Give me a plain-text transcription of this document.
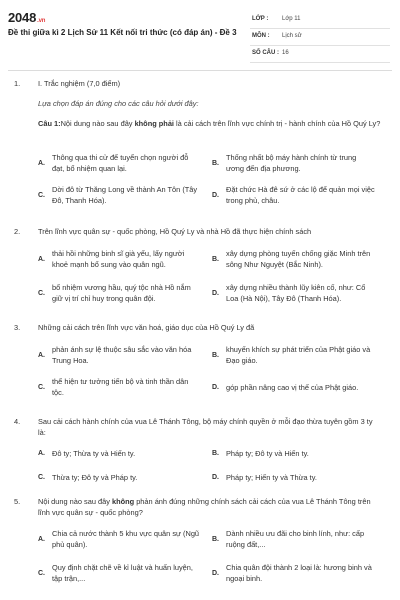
2048.vn
Đề thi giữa kì 2 Lịch Sử 11 Kết nối tri thức (có đáp án) - Đề 3
LỚP : Lớp 11
MÔN : Lịch sử
SỐ CÂU : 16
1.	I. Trắc nghiệm (7,0 điểm)
Lựa chọn đáp án đúng cho các câu hỏi dưới đây:
Câu 1:Nội dung nào sau đây không phải là cải cách trên lĩnh vực chính trị - hành chính của Hồ Quý Ly?
A.
Thông qua thi cử để tuyển chọn người đỗ đạt, bổ nhiệm quan lại.
B.
Thống nhất bộ máy hành chính từ trung ương đến địa phương.
C.
Dời đô từ Thăng Long về thành An Tôn (Tây Đô, Thanh Hóa).
D.
Đặt chức Hà đê sứ ở các lộ để quản mọi việc trong phủ, châu.
2.	Trên lĩnh vực quân sự - quốc phòng, Hồ Quý Ly và nhà Hồ đã thực hiện chính sách
A.
thải hồi những binh sĩ già yếu, lấy người khoẻ mạnh bổ sung vào quân ngũ.
B.
xây dựng phòng tuyến chống giặc Minh trên sông Như Nguyệt (Bắc Ninh).
C.
bổ nhiệm vương hầu, quý tộc nhà Hồ nắm giữ vị trí chỉ huy trong quân đội.
D.
xây dựng nhiều thành lũy kiên cố, như: Cổ Loa (Hà Nội), Tây Đô (Thanh Hóa).
3.	Những cải cách trên lĩnh vực văn hoá, giáo dục của Hồ Quý Ly đã
A.
phản ánh sự lệ thuộc sâu sắc vào văn hóa Trung Hoa.
B.
khuyến khích sự phát triển của Phật giáo và Đạo giáo.
C.
thể hiện tư tưởng tiến bộ và tinh thần dân tộc.
D. góp phần nâng cao vị thế của Phật giáo.
4.	Sau cải cách hành chính của vua Lê Thánh Tông, bộ máy chính quyền ở mỗi đạo thừa tuyên gồm 3 ty là:
A. Đô ty; Thừa ty và Hiến ty.	B. Pháp ty; Đô ty và Hiến ty.
C. Thừa ty; Đô ty và Pháp ty.	D. Pháp ty; Hiến ty và Thừa ty.
5.	Nội dung nào sau đây không phản ánh đúng những chính sách cải cách của vua Lê Thánh Tông trên lĩnh vực quân sự - quốc phòng?
A.
Chia cả nước thành 5 khu vực quân sự (Ngũ phủ quân).
B.
Dành nhiều ưu đãi cho binh lính, như: cấp ruộng đất,...
C.
Quy định chặt chẽ về kỉ luật và huấn luyện, tập trận,...
D.
Chia quân đội thành 2 loại là: hương binh và ngoại binh.
